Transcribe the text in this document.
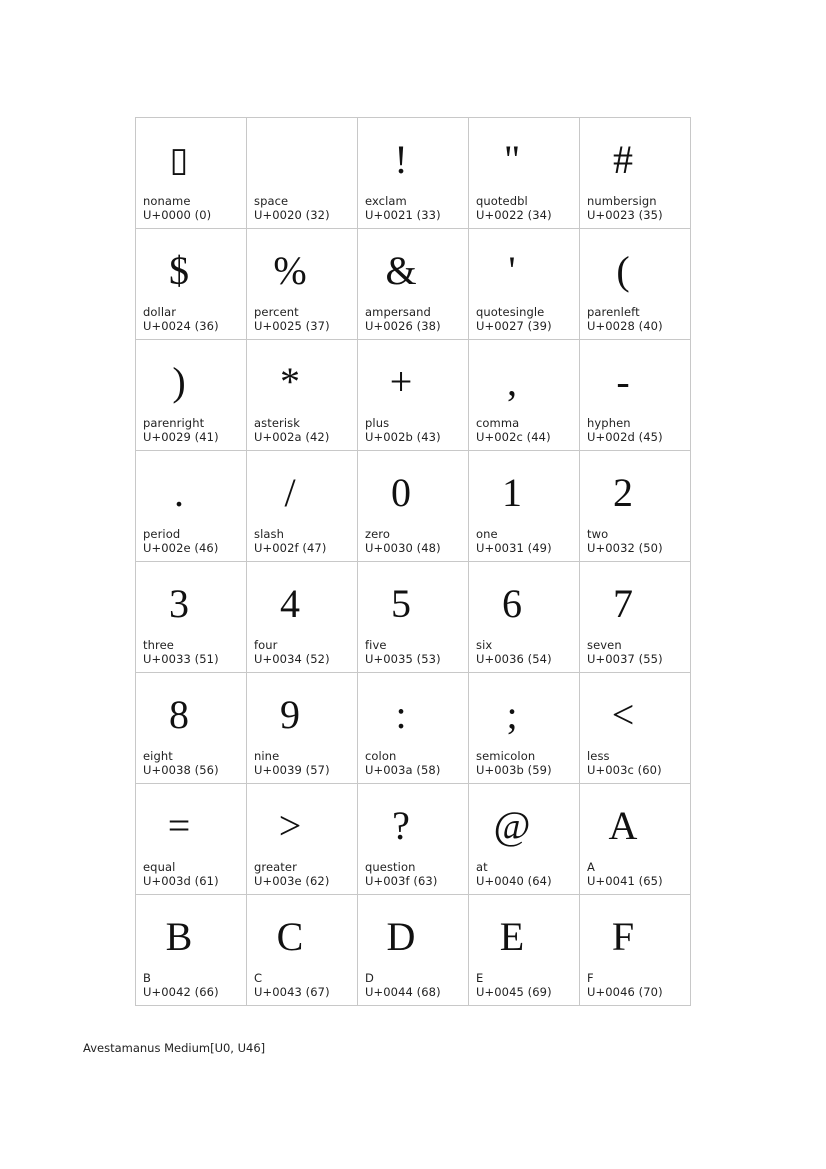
▯
noname
U+0000 (0)
space
U+0020 (32)
!
exclam
U+0021 (33)
"
quotedbl
U+0022 (34)
#
numbersign
U+0023 (35)
$
dollar
U+0024 (36)
%
percent
U+0025 (37)
&
ampersand
U+0026 (38)
'
quotesingle
U+0027 (39)
(
parenleft
U+0028 (40)
)
parenright
U+0029 (41)
*
asterisk
U+002a (42)
+
plus
U+002b (43)
,
comma
U+002c (44)
-
hyphen
U+002d (45)
.
period
U+002e (46)
/
slash
U+002f (47)
0
zero
U+0030 (48)
1
one
U+0031 (49)
2
two
U+0032 (50)
3
three
U+0033 (51)
4
four
U+0034 (52)
5
five
U+0035 (53)
6
six
U+0036 (54)
7
seven
U+0037 (55)
8
eight
U+0038 (56)
9
nine
U+0039 (57)
:
colon
U+003a (58)
;
semicolon
U+003b (59)
<
less
U+003c (60)
=
equal
U+003d (61)
>
greater
U+003e (62)
?
question
U+003f (63)
@
at
U+0040 (64)
A
A
U+0041 (65)
B
B
U+0042 (66)
C
C
U+0043 (67)
D
D
U+0044 (68)
E
E
U+0045 (69)
F
F
U+0046 (70)
Avestamanus Medium[U0, U46]
